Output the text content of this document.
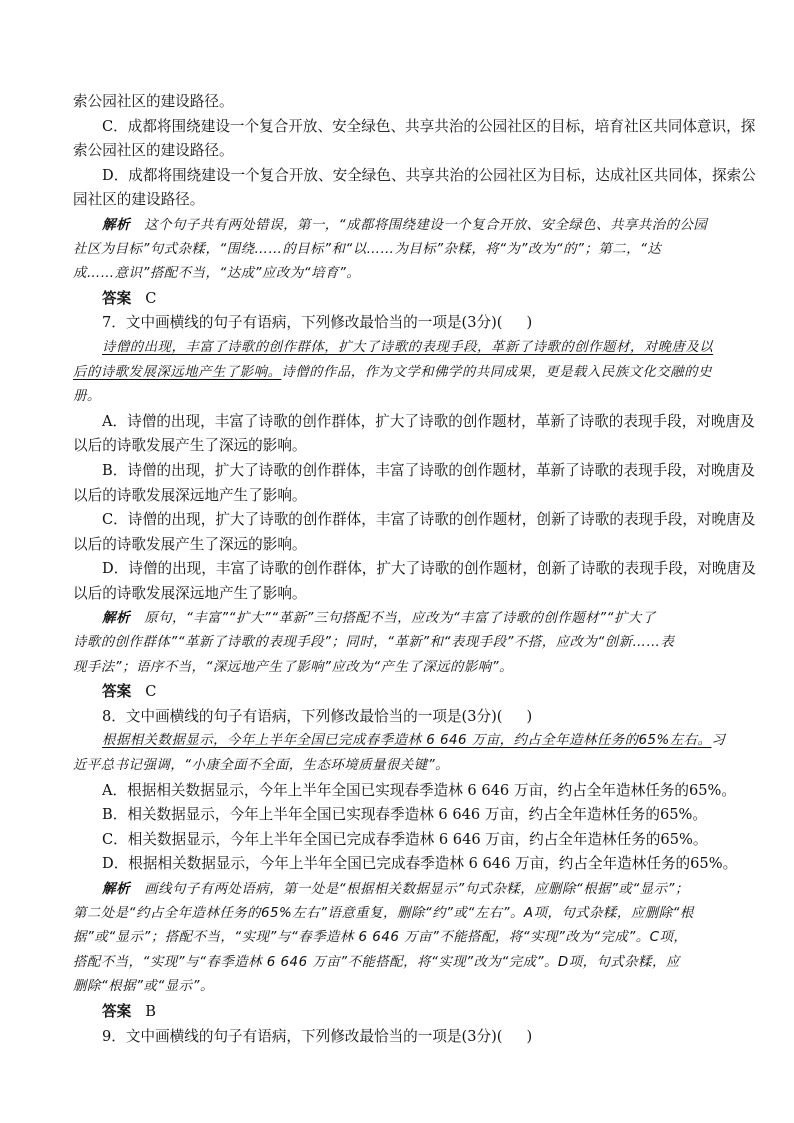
索公园社区的建设路径。
C．成都将围绕建设一个复合开放、安全绿色、共享共治的公园社区的目标，培育社区共同体意识，探
索公园社区的建设路径。
D．成都将围绕建设一个复合开放、安全绿色、共享共治的公园社区为目标，达成社区共同体，探索公
园社区的建设路径。
解析 这个句子共有两处错误，第一，“成都将围绕建设一个复合开放、安全绿色、共享共治的公园
社区为目标”句式杂糅，“围绕……的目标”和“以……为目标”杂糅，将“为”改为“的”；第二，“达
成……意识”搭配不当，“达成”应改为“培育”。
答案 C
7．文中画横线的句子有语病，下列修改最恰当的一项是(3分)( )
诗僧的出现，丰富了诗歌的创作群体，扩大了诗歌的表现手段，革新了诗歌的创作题材，对晚唐及以
后的诗歌发展深远地产生了影响。诗僧的作品，作为文学和佛学的共同成果，更是载入民族文化交融的史
册。
A．诗僧的出现，丰富了诗歌的创作群体，扩大了诗歌的创作题材，革新了诗歌的表现手段，对晚唐及
以后的诗歌发展产生了深远的影响。
B．诗僧的出现，扩大了诗歌的创作群体，丰富了诗歌的创作题材，革新了诗歌的表现手段，对晚唐及
以后的诗歌发展深远地产生了影响。
C．诗僧的出现，扩大了诗歌的创作群体，丰富了诗歌的创作题材，创新了诗歌的表现手段，对晚唐及
以后的诗歌发展产生了深远的影响。
D．诗僧的出现，丰富了诗歌的创作群体，扩大了诗歌的创作题材，创新了诗歌的表现手段，对晚唐及
以后的诗歌发展深远地产生了影响。
解析 原句，“丰富”“扩大”“革新”三句搭配不当，应改为“丰富了诗歌的创作题材”“扩大了
诗歌的创作群体”“革新了诗歌的表现手段”；同时，“革新”和“表现手段”不搭，应改为“创新……表
现手法”；语序不当，“深远地产生了影响”应改为“产生了深远的影响”。
答案 C
8．文中画横线的句子有语病，下列修改最恰当的一项是(3分)( )
根据相关数据显示，今年上半年全国已完成春季造林 6 646 万亩，约占全年造林任务的65%左右。习
近平总书记强调，“小康全面不全面，生态环境质量很关键”。
A．根据相关数据显示，今年上半年全国已实现春季造林 6 646 万亩，约占全年造林任务的65%。
B．相关数据显示，今年上半年全国已实现春季造林 6 646 万亩，约占全年造林任务的65%。
C．相关数据显示，今年上半年全国已完成春季造林 6 646 万亩，约占全年造林任务的65%。
D．根据相关数据显示，今年上半年全国已完成春季造林 6 646 万亩，约占全年造林任务的65%。
解析 画线句子有两处语病，第一处是“根据相关数据显示”句式杂糅，应删除“根据”或“显示”；
第二处是“约占全年造林任务的65%左右”语意重复，删除“约”或“左右”。A项，句式杂糅，应删除“根
据”或“显示”；搭配不当，“实现”与“春季造林 6 646 万亩”不能搭配，将“实现”改为“完成”。C项，
搭配不当，“实现”与“春季造林 6 646 万亩”不能搭配，将“实现”改为“完成”。D项，句式杂糅，应
删除“根据”或“显示”。
答案 B
9．文中画横线的句子有语病，下列修改最恰当的一项是(3分)( )
